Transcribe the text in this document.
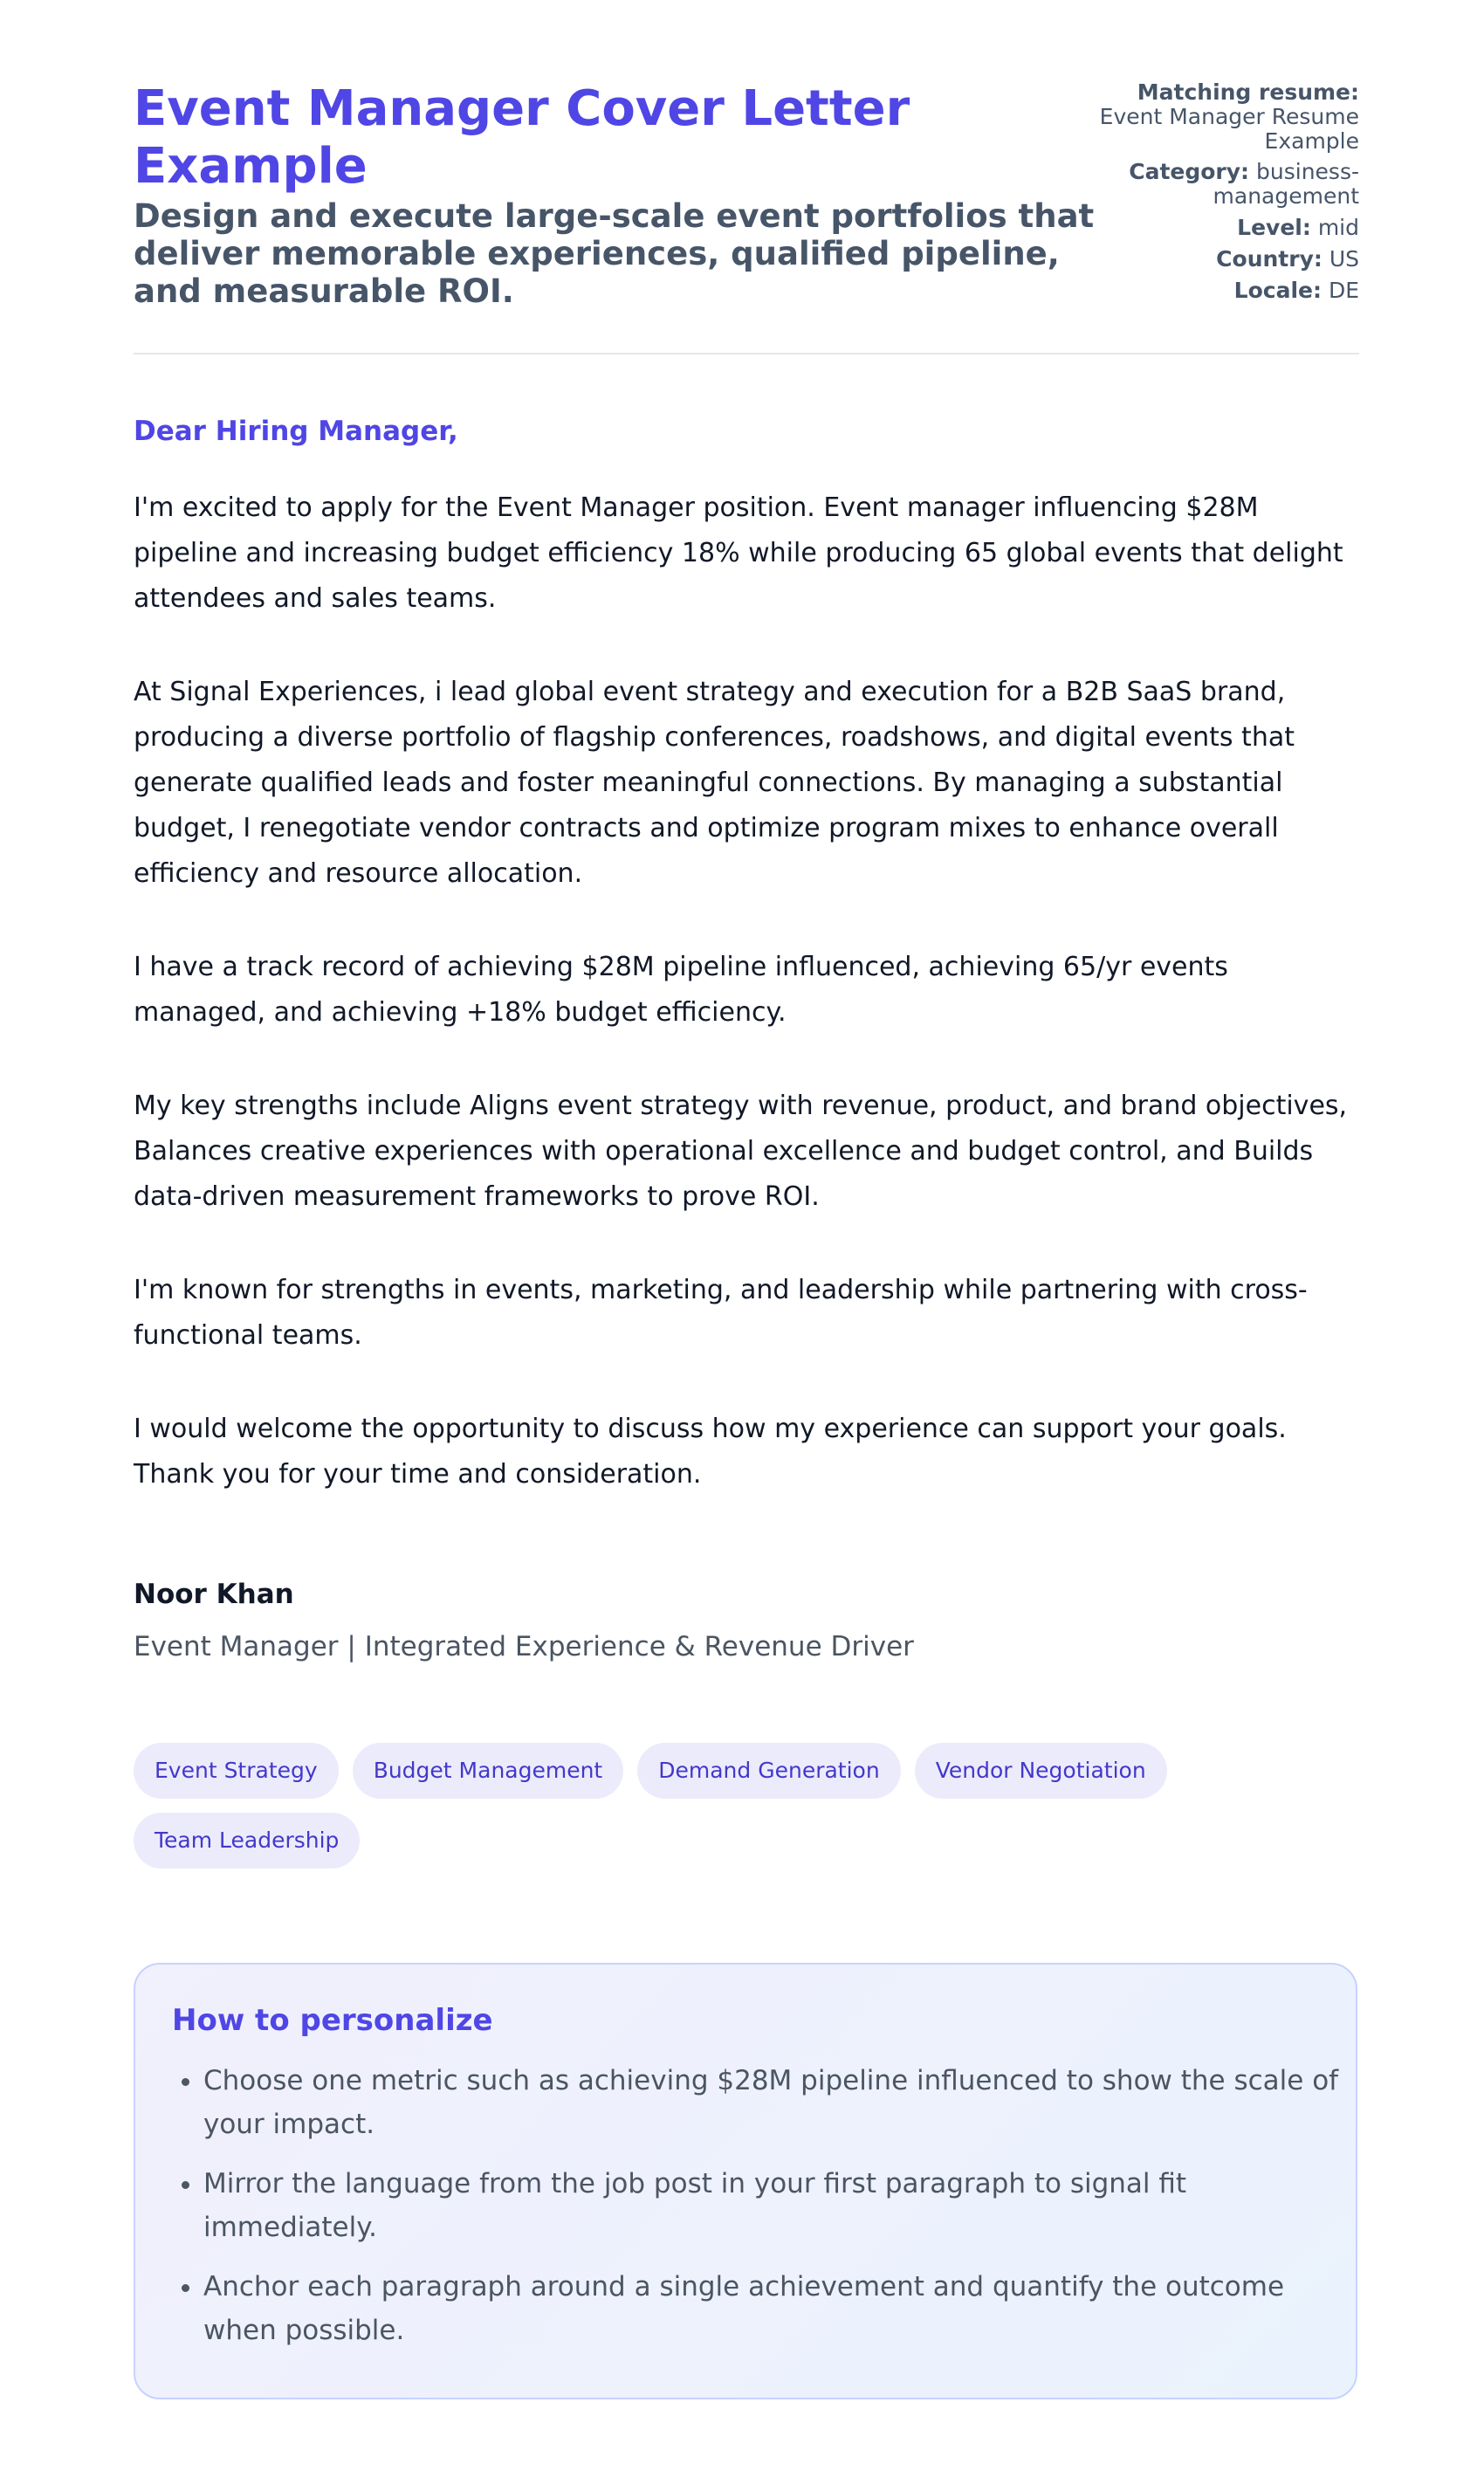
Event Manager Cover Letter Example

Design and execute large-scale event portfolios that deliver memorable experiences, qualified pipeline, and measurable ROI.

Matching resume:
Event Manager Resume Example
Category: business-management
Level: mid
Country: US
Locale: DE

Dear Hiring Manager,

I'm excited to apply for the Event Manager position. Event manager influencing $28M pipeline and increasing budget efficiency 18% while producing 65 global events that delight attendees and sales teams.

At Signal Experiences, i lead global event strategy and execution for a B2B SaaS brand, producing a diverse portfolio of flagship conferences, roadshows, and digital events that generate qualified leads and foster meaningful connections. By managing a substantial budget, I renegotiate vendor contracts and optimize program mixes to enhance overall efficiency and resource allocation.

I have a track record of achieving $28M pipeline influenced, achieving 65/yr events managed, and achieving +18% budget efficiency.

My key strengths include Aligns event strategy with revenue, product, and brand objectives, Balances creative experiences with operational excellence and budget control, and Builds data-driven measurement frameworks to prove ROI.

I'm known for strengths in events, marketing, and leadership while partnering with cross-functional teams.

I would welcome the opportunity to discuss how my experience can support your goals. Thank you for your time and consideration.

Noor Khan

Event Manager | Integrated Experience & Revenue Driver

Event Strategy	Budget Management	Demand Generation	Vendor Negotiation
Team Leadership
How to personalize
• Choose one metric such as achieving $28M pipeline influenced to show the scale of your impact.
• Mirror the language from the job post in your first paragraph to signal fit immediately.
• Anchor each paragraph around a single achievement and quantify the outcome when possible.
